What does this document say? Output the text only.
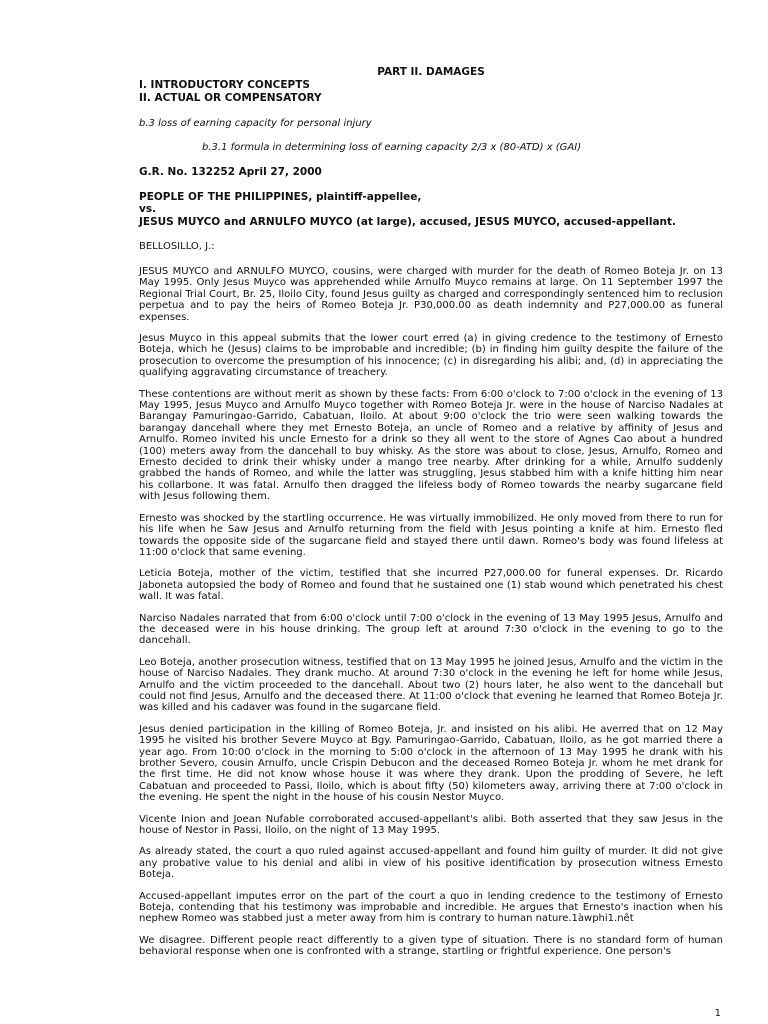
PART II. DAMAGES
I. INTRODUCTORY CONCEPTS
II. ACTUAL OR COMPENSATORY
b.3 loss of earning capacity for personal injury
b.3.1 formula in determining loss of earning capacity 2/3 x (80-ATD) x (GAI)
G.R. No. 132252 April 27, 2000
PEOPLE OF THE PHILIPPINES, plaintiff-appellee,
vs.
JESUS MUYCO and ARNULFO MUYCO (at large), accused, JESUS MUYCO, accused-appellant.
BELLOSILLO, J.:

JESUS MUYCO and ARNULFO MUYCO, cousins, were charged with murder for the death of Romeo Boteja Jr. on 13 May 1995. Only Jesus Muyco was apprehended while Arnulfo Muyco remains at large. On 11 September 1997 the Regional Trial Court, Br. 25, Iloilo City, found Jesus guilty as charged and correspondingly sentenced him to reclusion perpetua and to pay the heirs of Romeo Boteja Jr. P30,000.00 as death indemnity and P27,000.00 as funeral expenses.

Jesus Muyco in this appeal submits that the lower court erred (a) in giving credence to the testimony of Ernesto Boteja, which he (Jesus) claims to be improbable and incredible; (b) in finding him guilty despite the failure of the prosecution to overcome the presumption of his innocence; (c) in disregarding his alibi; and, (d) in appreciating the qualifying aggravating circumstance of treachery.

These contentions are without merit as shown by these facts: From 6:00 o'clock to 7:00 o'clock in the evening of 13 May 1995, Jesus Muyco and Arnulfo Muyco together with Romeo Boteja Jr. were in the house of Narciso Nadales at Barangay Pamuringao-Garrido, Cabatuan, Iloilo. At about 9:00 o'clock the trio were seen walking towards the barangay dancehall where they met Ernesto Boteja, an uncle of Romeo and a relative by affinity of Jesus and Arnulfo. Romeo invited his uncle Ernesto for a drink so they all went to the store of Agnes Cao about a hundred (100) meters away from the dancehall to buy whisky. As the store was about to close, Jesus, Arnulfo, Romeo and Ernesto decided to drink their whisky under a mango tree nearby. After drinking for a while, Arnulfo suddenly grabbed the hands of Romeo, and while the latter was struggling, Jesus stabbed him with a knife hitting him near his collarbone. It was fatal. Arnulfo then dragged the lifeless body of Romeo towards the nearby sugarcane field with Jesus following them.

Ernesto was shocked by the startling occurrence. He was virtually immobilized. He only moved from there to run for his life when he Saw Jesus and Arnulfo returning from the field with Jesus pointing a knife at him. Ernesto fled towards the opposite side of the sugarcane field and stayed there until dawn. Romeo's body was found lifeless at 11:00 o'clock that same evening.

Leticia Boteja, mother of the victim, testified that she incurred P27,000.00 for funeral expenses. Dr. Ricardo Jaboneta autopsied the body of Romeo and found that he sustained one (1) stab wound which penetrated his chest wall. It was fatal.

Narciso Nadales narrated that from 6:00 o'clock until 7:00 o'clock in the evening of 13 May 1995 Jesus, Arnulfo and the deceased were in his house drinking. The group left at around 7:30 o'clock in the evening to go to the dancehall.

Leo Boteja, another prosecution witness, testified that on 13 May 1995 he joined Jesus, Arnulfo and the victim in the house of Narciso Nadales. They drank mucho. At around 7:30 o'clock in the evening he left for home while Jesus, Arnulfo and the victim proceeded to the dancehall. About two (2) hours later, he also went to the dancehall but could not find Jesus, Arnulfo and the deceased there. At 11:00 o'clock that evening he learned that Romeo Boteja Jr. was killed and his cadaver was found in the sugarcane field.

Jesus denied participation in the killing of Romeo Boteja, Jr. and insisted on his alibi. He averred that on 12 May 1995 he visited his brother Severe Muyco at Bgy. Pamuringao-Garrido, Cabatuan, Iloilo, as he got married there a year ago. From 10:00 o'clock in the morning to 5:00 o'clock in the afternoon of 13 May 1995 he drank with his brother Severo, cousin Arnulfo, uncle Crispin Debucon and the deceased Romeo Boteja Jr. whom he met drank for the first time. He did not know whose house it was where they drank. Upon the prodding of Severe, he left Cabatuan and proceeded to Passi, Iloilo, which is about fifty (50) kilometers away, arriving there at 7:00 o'clock in the evening. He spent the night in the house of his cousin Nestor Muyco.

Vicente Inion and Joean Nufable corroborated accused-appellant's alibi. Both asserted that they saw Jesus in the house of Nestor in Passi, Iloilo, on the night of 13 May 1995.

As already stated, the court a quo ruled against accused-appellant and found him guilty of murder. It did not give any probative value to his denial and alibi in view of his positive identification by prosecution witness Ernesto Boteja.

Accused-appellant imputes error on the part of the court a quo in lending credence to the testimony of Ernesto Boteja, contending that his testimony was improbable and incredible. He argues that Ernesto's inaction when his nephew Romeo was stabbed just a meter away from him is contrary to human nature.1àwphi1.nêt

We disagree. Different people react differently to a given type of situation. There is no standard form of human behavioral response when one is confronted with a strange, startling or frightful experience. One person's

1
